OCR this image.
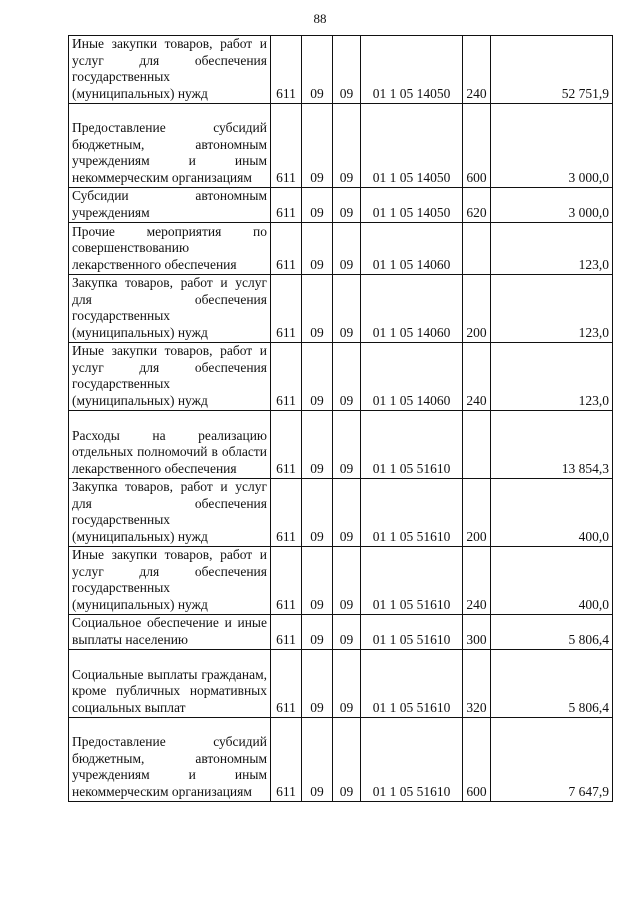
88
Иные закупки товаров, работ и услуг для обеспечения государственных (муниципальных) нужд	611	09	09	01 1 05 14050	240	52 751,9
Предоставление субсидий бюджетным, автономным учреждениям и иным некоммерческим организациям	611	09	09	01 1 05 14050	600	3 000,0
Субсидии автономным учреждениям	611	09	09	01 1 05 14050	620	3 000,0
Прочие мероприятия по совершенствованию лекарственного обеспечения	611	09	09	01 1 05 14060		123,0
Закупка товаров, работ и услуг для обеспечения государственных (муниципальных) нужд	611	09	09	01 1 05 14060	200	123,0
Иные закупки товаров, работ и услуг для обеспечения государственных (муниципальных) нужд	611	09	09	01 1 05 14060	240	123,0
Расходы на реализацию отдельных полномочий в области лекарственного обеспечения	611	09	09	01 1 05 51610		13 854,3
Закупка товаров, работ и услуг для обеспечения государственных (муниципальных) нужд	611	09	09	01 1 05 51610	200	400,0
Иные закупки товаров, работ и услуг для обеспечения государственных (муниципальных) нужд	611	09	09	01 1 05 51610	240	400,0
Социальное обеспечение и иные выплаты населению	611	09	09	01 1 05 51610	300	5 806,4
Социальные выплаты гражданам, кроме публичных нормативных социальных выплат	611	09	09	01 1 05 51610	320	5 806,4
Предоставление субсидий бюджетным, автономным учреждениям и иным некоммерческим организациям	611	09	09	01 1 05 51610	600	7 647,9
